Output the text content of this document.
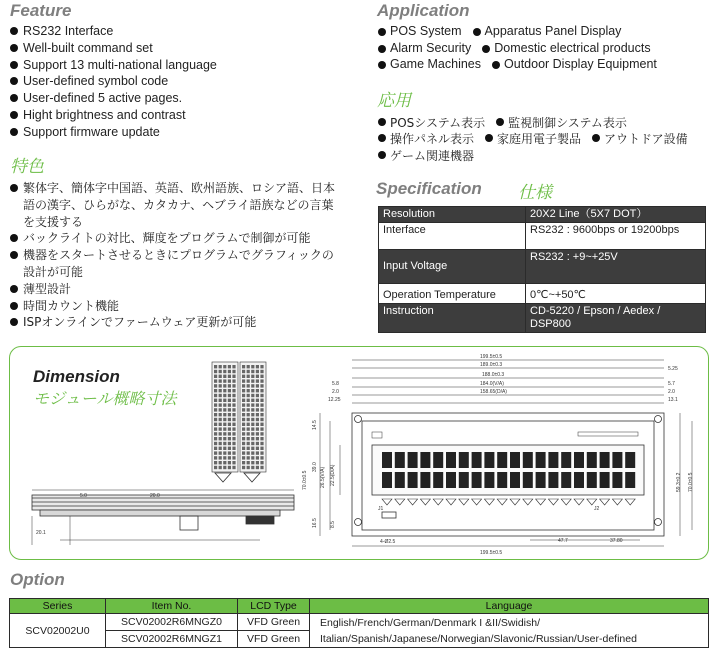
Feature
RS232 Interface
Well-built command set
Support 13 multi-national language
User-defined symbol code
User-defined 5 active pages.
Hight brightness and contrast
Support firmware update
特色
繁体字、簡体字中国語、英語、欧州語族、ロシア語、日本語の漢字、ひらがな、カタカナ、ヘブライ語族などの言葉を支援する
バックライトの対比、輝度をプログラムで制御が可能
機器をスタートさせるときにプログラムでグラフィックの設計が可能
薄型設計
時間カウント機能
ISPオンラインでファームウェア更新が可能
Application
POS System Apparatus Panel Display
Alarm Security Domestic electrical products
Game Machines Outdoor Display Equipment
応用
POSシステム表示 監視制御システム表示
操作パネル表示 家庭用電子製品 アウトドア設備
ゲーム関連機器
Specification 仕様
Resolution	20X2 Line（5X7 DOT）
Interface	RS232 : 9600bps or 19200bps
Input Voltage	RS232 : +9~+25V
Operation Temperature	0℃~+50℃
Instruction	CD-5220 / Epson / Aedex / DSP800
Dimension
モジュール概略寸法
5.0	20.0
20.1
199.5±0.5
189.0±0.3
188.0±0.3
184.0(V/A)
158.65(D/A)
5.8
2.0
12.25
5.25
5.7
2.0
13.1
199.5±0.5
47.7	37.80
4-Ø2.5
J1	J2
70.0±0.5
39.0 26.5(V/A) 22.5(D/A)
14.5
16.5 8.5
59.3±0.2 70.0±0.5
Option
Series	Item No.	LCD Type	Language
SCV02002U0	SCV02002R6MNGZ0	VFD Green	English/French/German/Denmark I &II/Swidish/
Italian/Spanish/Japanese/Norwegian/Slavonic/Russian/User-defined

	SCV02002R6MNGZ1	VFD Green	
